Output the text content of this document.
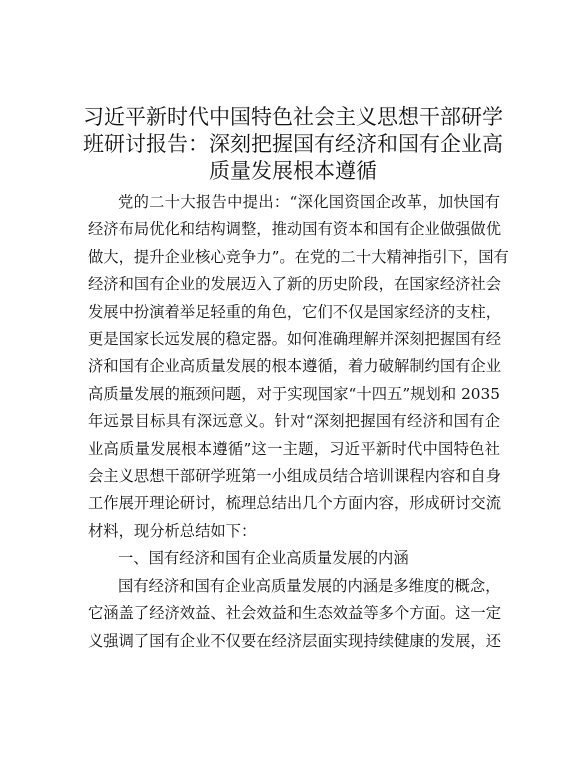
习近平新时代中国特色社会主义思想干部研学
班研讨报告：深刻把握国有经济和国有企业高
质量发展根本遵循
党的二十大报告中提出：“深化国资国企改革，加快国有
经济布局优化和结构调整，推动国有资本和国有企业做强做优
做大，提升企业核心竞争力”。在党的二十大精神指引下，国有
经济和国有企业的发展迈入了新的历史阶段，在国家经济社会
发展中扮演着举足轻重的角色，它们不仅是国家经济的支柱，
更是国家长远发展的稳定器。如何准确理解并深刻把握国有经
济和国有企业高质量发展的根本遵循，着力破解制约国有企业
高质量发展的瓶颈问题，对于实现国家“十四五”规划和 2035
年远景目标具有深远意义。针对“深刻把握国有经济和国有企
业高质量发展根本遵循”这一主题，习近平新时代中国特色社
会主义思想干部研学班第一小组成员结合培训课程内容和自身
工作展开理论研讨，梳理总结出几个方面内容，形成研讨交流
材料，现分析总结如下：
一、国有经济和国有企业高质量发展的内涵
国有经济和国有企业高质量发展的内涵是多维度的概念，
它涵盖了经济效益、社会效益和生态效益等多个方面。这一定
义强调了国有企业不仅要在经济层面实现持续健康的发展，还
